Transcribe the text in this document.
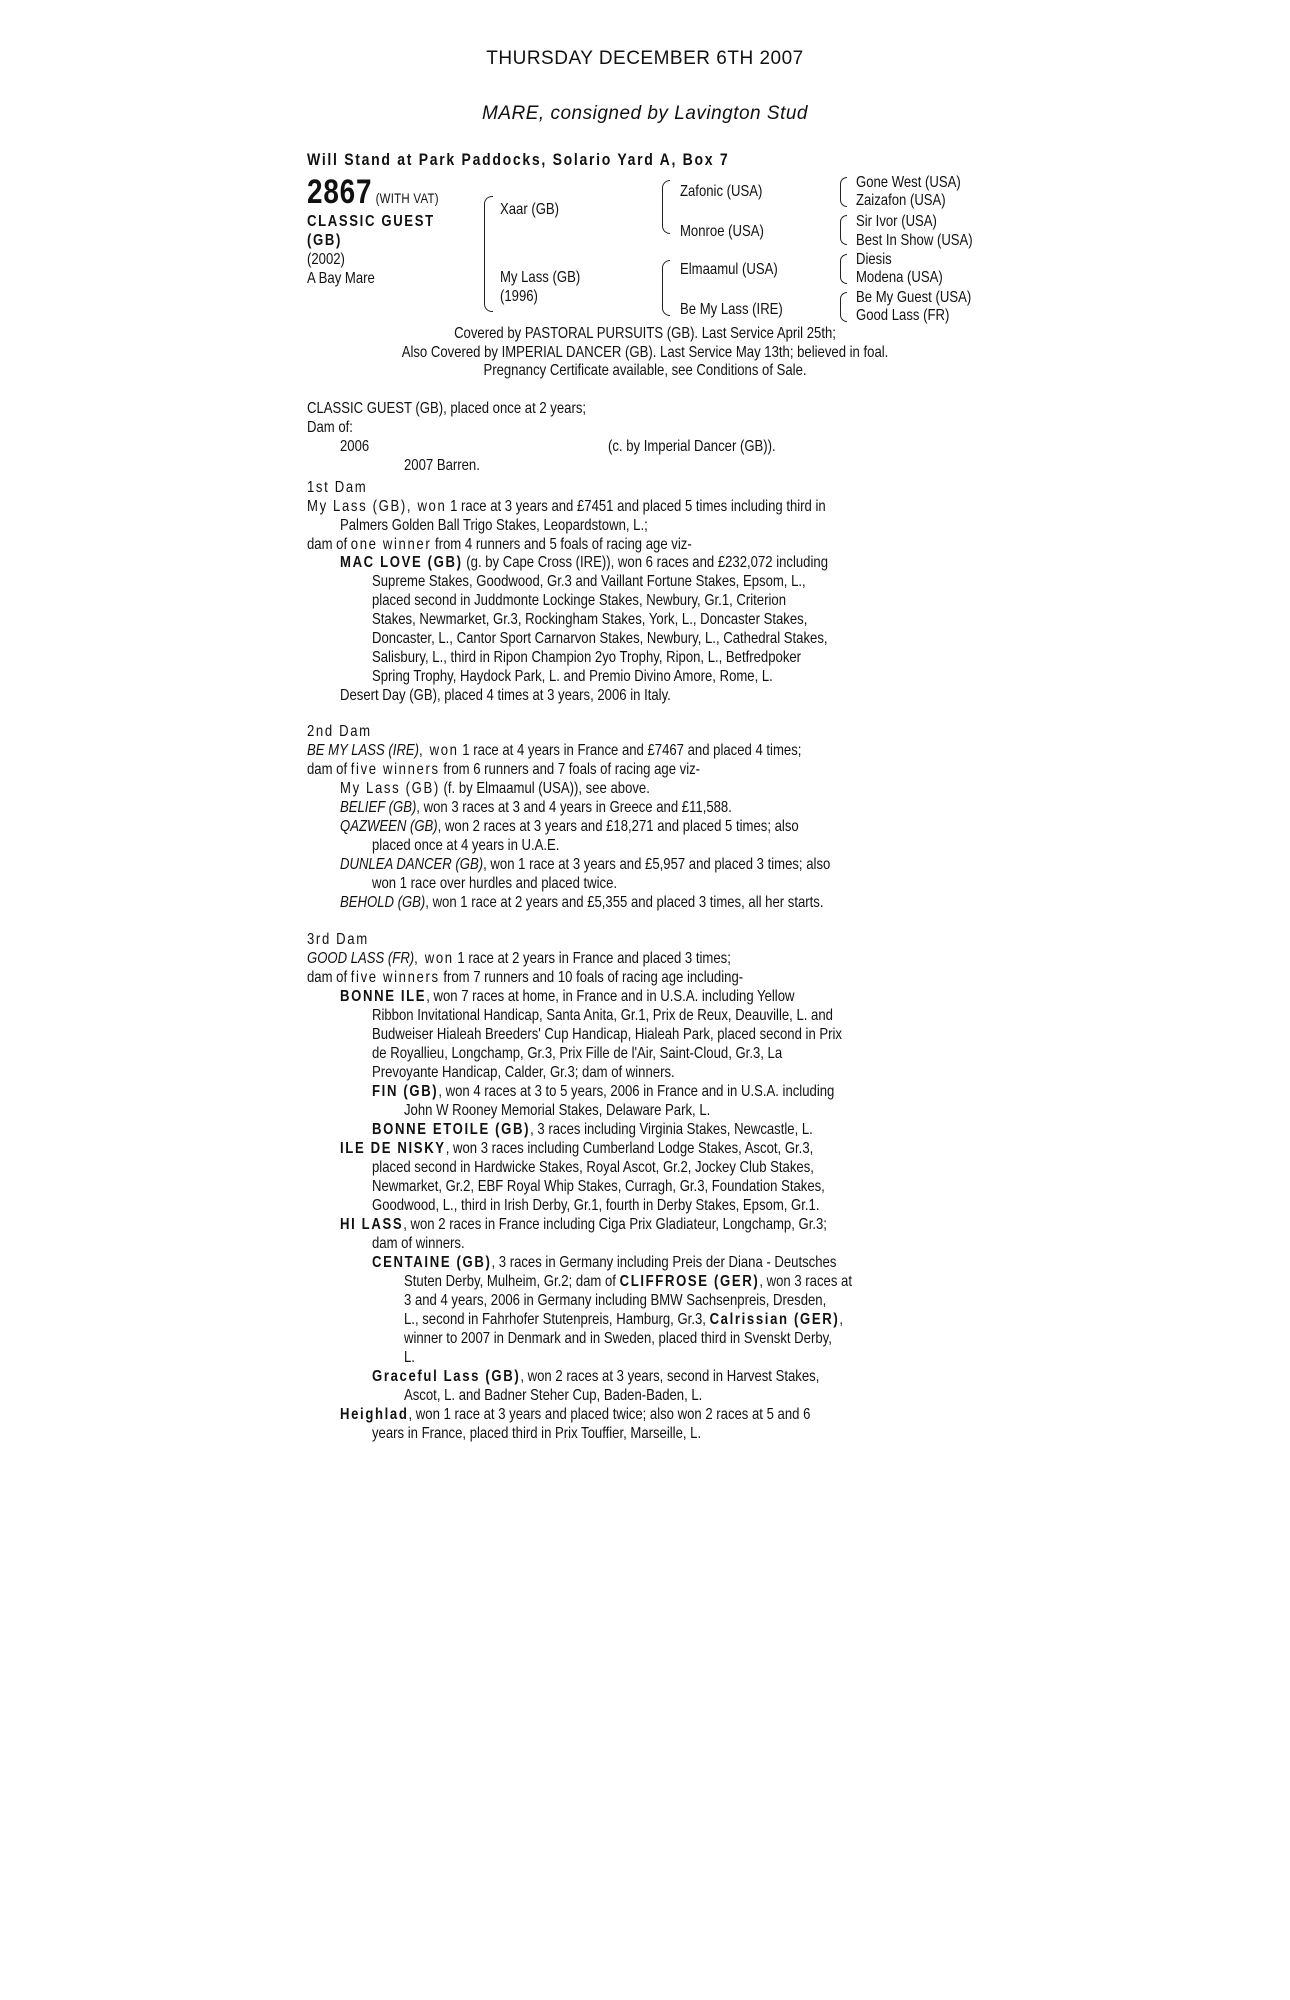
THURSDAY DECEMBER 6TH 2007
MARE, consigned by Lavington Stud
Will Stand at Park Paddocks, Solario Yard A, Box 7
2867 (WITH VAT)
CLASSIC GUEST
(GB)
(2002)
A Bay Mare
Xaar (GB)
My Lass (GB)
(1996)
Zafonic (USA)
Monroe (USA)
Elmaamul (USA)
Be My Lass (IRE)
Gone West (USA)
Zaizafon (USA)
Sir Ivor (USA)
Best In Show (USA)
Diesis
Modena (USA)
Be My Guest (USA)
Good Lass (FR)
Covered by PASTORAL PURSUITS (GB). Last Service April 25th;
Also Covered by IMPERIAL DANCER (GB). Last Service May 13th; believed in foal.
Pregnancy Certificate available, see Conditions of Sale.
CLASSIC GUEST (GB), placed once at 2 years;
Dam of:
2006	(c. by Imperial Dancer (GB)).
2007 Barren.
1st Dam
My Lass (GB), won 1 race at 3 years and £7451 and placed 5 times including third in
Palmers Golden Ball Trigo Stakes, Leopardstown, L.;
dam of one winner from 4 runners and 5 foals of racing age viz-
MAC LOVE (GB) (g. by Cape Cross (IRE)), won 6 races and £232,072 including
Supreme Stakes, Goodwood, Gr.3 and Vaillant Fortune Stakes, Epsom, L.,
placed second in Juddmonte Lockinge Stakes, Newbury, Gr.1, Criterion
Stakes, Newmarket, Gr.3, Rockingham Stakes, York, L., Doncaster Stakes,
Doncaster, L., Cantor Sport Carnarvon Stakes, Newbury, L., Cathedral Stakes,
Salisbury, L., third in Ripon Champion 2yo Trophy, Ripon, L., Betfredpoker
Spring Trophy, Haydock Park, L. and Premio Divino Amore, Rome, L.
Desert Day (GB), placed 4 times at 3 years, 2006 in Italy.
2nd Dam
BE MY LASS (IRE), won 1 race at 4 years in France and £7467 and placed 4 times;
dam of five winners from 6 runners and 7 foals of racing age viz-
My Lass (GB) (f. by Elmaamul (USA)), see above.
BELIEF (GB), won 3 races at 3 and 4 years in Greece and £11,588.
QAZWEEN (GB), won 2 races at 3 years and £18,271 and placed 5 times; also
placed once at 4 years in U.A.E.
DUNLEA DANCER (GB), won 1 race at 3 years and £5,957 and placed 3 times; also
won 1 race over hurdles and placed twice.
BEHOLD (GB), won 1 race at 2 years and £5,355 and placed 3 times, all her starts.
3rd Dam
GOOD LASS (FR), won 1 race at 2 years in France and placed 3 times;
dam of five winners from 7 runners and 10 foals of racing age including-
BONNE ILE, won 7 races at home, in France and in U.S.A. including Yellow
Ribbon Invitational Handicap, Santa Anita, Gr.1, Prix de Reux, Deauville, L. and
Budweiser Hialeah Breeders' Cup Handicap, Hialeah Park, placed second in Prix
de Royallieu, Longchamp, Gr.3, Prix Fille de l'Air, Saint-Cloud, Gr.3, La
Prevoyante Handicap, Calder, Gr.3; dam of winners.
FIN (GB), won 4 races at 3 to 5 years, 2006 in France and in U.S.A. including
John W Rooney Memorial Stakes, Delaware Park, L.
BONNE ETOILE (GB), 3 races including Virginia Stakes, Newcastle, L.
ILE DE NISKY, won 3 races including Cumberland Lodge Stakes, Ascot, Gr.3,
placed second in Hardwicke Stakes, Royal Ascot, Gr.2, Jockey Club Stakes,
Newmarket, Gr.2, EBF Royal Whip Stakes, Curragh, Gr.3, Foundation Stakes,
Goodwood, L., third in Irish Derby, Gr.1, fourth in Derby Stakes, Epsom, Gr.1.
HI LASS, won 2 races in France including Ciga Prix Gladiateur, Longchamp, Gr.3;
dam of winners.
CENTAINE (GB), 3 races in Germany including Preis der Diana - Deutsches
Stuten Derby, Mulheim, Gr.2; dam of CLIFFROSE (GER), won 3 races at
3 and 4 years, 2006 in Germany including BMW Sachsenpreis, Dresden,
L., second in Fahrhofer Stutenpreis, Hamburg, Gr.3, Calrissian (GER),
winner to 2007 in Denmark and in Sweden, placed third in Svenskt Derby,
L.
Graceful Lass (GB), won 2 races at 3 years, second in Harvest Stakes,
Ascot, L. and Badner Steher Cup, Baden-Baden, L.
Heighlad, won 1 race at 3 years and placed twice; also won 2 races at 5 and 6
years in France, placed third in Prix Touffier, Marseille, L.
